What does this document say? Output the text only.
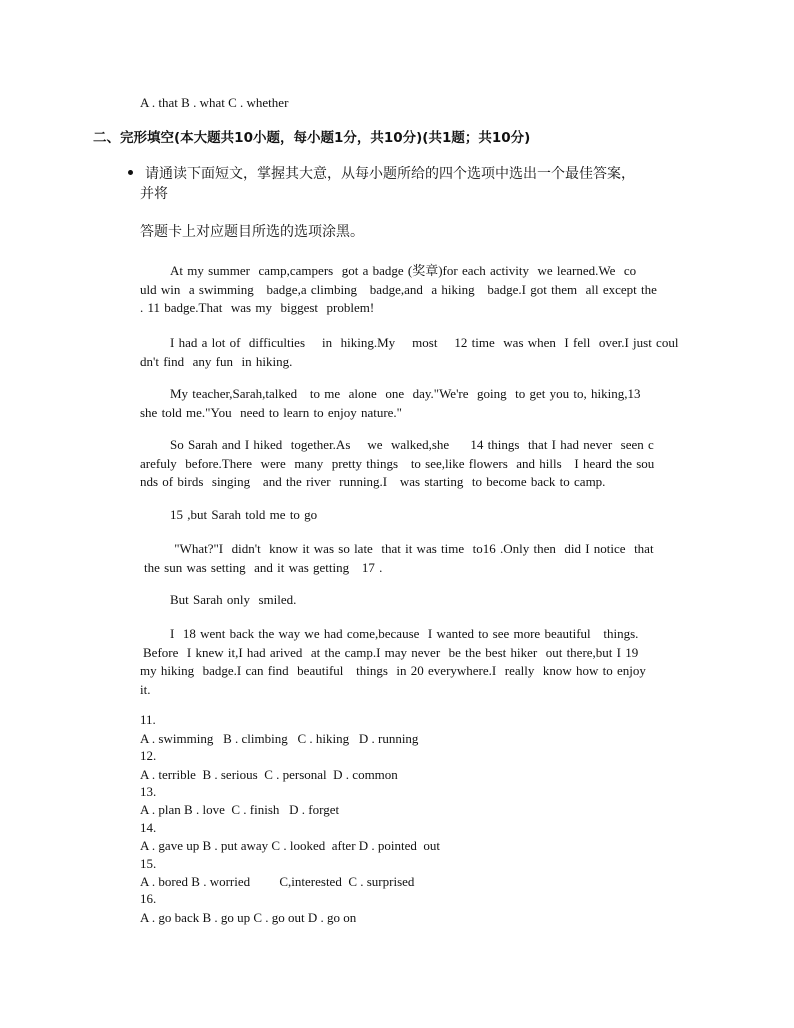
A . that B . what C . whether
二、完形填空(本大题共10小题，每小题1分，共10分)(共1题；共10分)
请通读下面短文，掌握其大意，从每小题所给的四个选项中选出一个最佳答案，
并将
答题卡上对应题目所选的选项涂黑。
At my summer  camp,campers  got a badge (奖章)for each activity  we learned.We  co
uld win  a swimming   badge,a climbing   badge,and  a hiking   badge.I got them  all except the
. 11 badge.That  was my  biggest  problem!
I had a lot of  difficulties    in  hiking.My    most    12 time  was when  I fell  over.I just coul
dn't find  any fun  in hiking.
My teacher,Sarah,talked   to me  alone  one  day."We're  going  to get you to, hiking,13
she told me."You  need to learn to enjoy nature."
So Sarah and I hiked  together.As    we  walked,she     14 things  that I had never  seen c
arefuly  before.There  were  many  pretty things   to see,like flowers  and hills   I heard the sou
nds of birds  singing   and the river  running.I   was starting  to become back to camp.
15 ,but Sarah told me to go
"What?"I  didn't  know it was so late  that it was time  to16 .Only then  did I notice  that
the sun was setting  and it was getting   17 .
But Sarah only  smiled.
I  18 went back the way we had come,because  I wanted to see more beautiful   things.
Before  I knew it,I had arived  at the camp.I may never  be the best hiker  out there,but I 19
my hiking  badge.I can find  beautiful   things  in 20 everywhere.I  really  know how to enjoy
it.
11.
A . swimming   B . climbing   C . hiking   D . running
12.
A . terrible  B . serious  C . personal  D . common
13.
A . plan B . love  C . finish   D . forget
14.
A . gave up B . put away C . looked  after D . pointed  out
15.
A . bored B . worried         C,interested  C . surprised
16.
A . go back B . go up C . go out D . go on
